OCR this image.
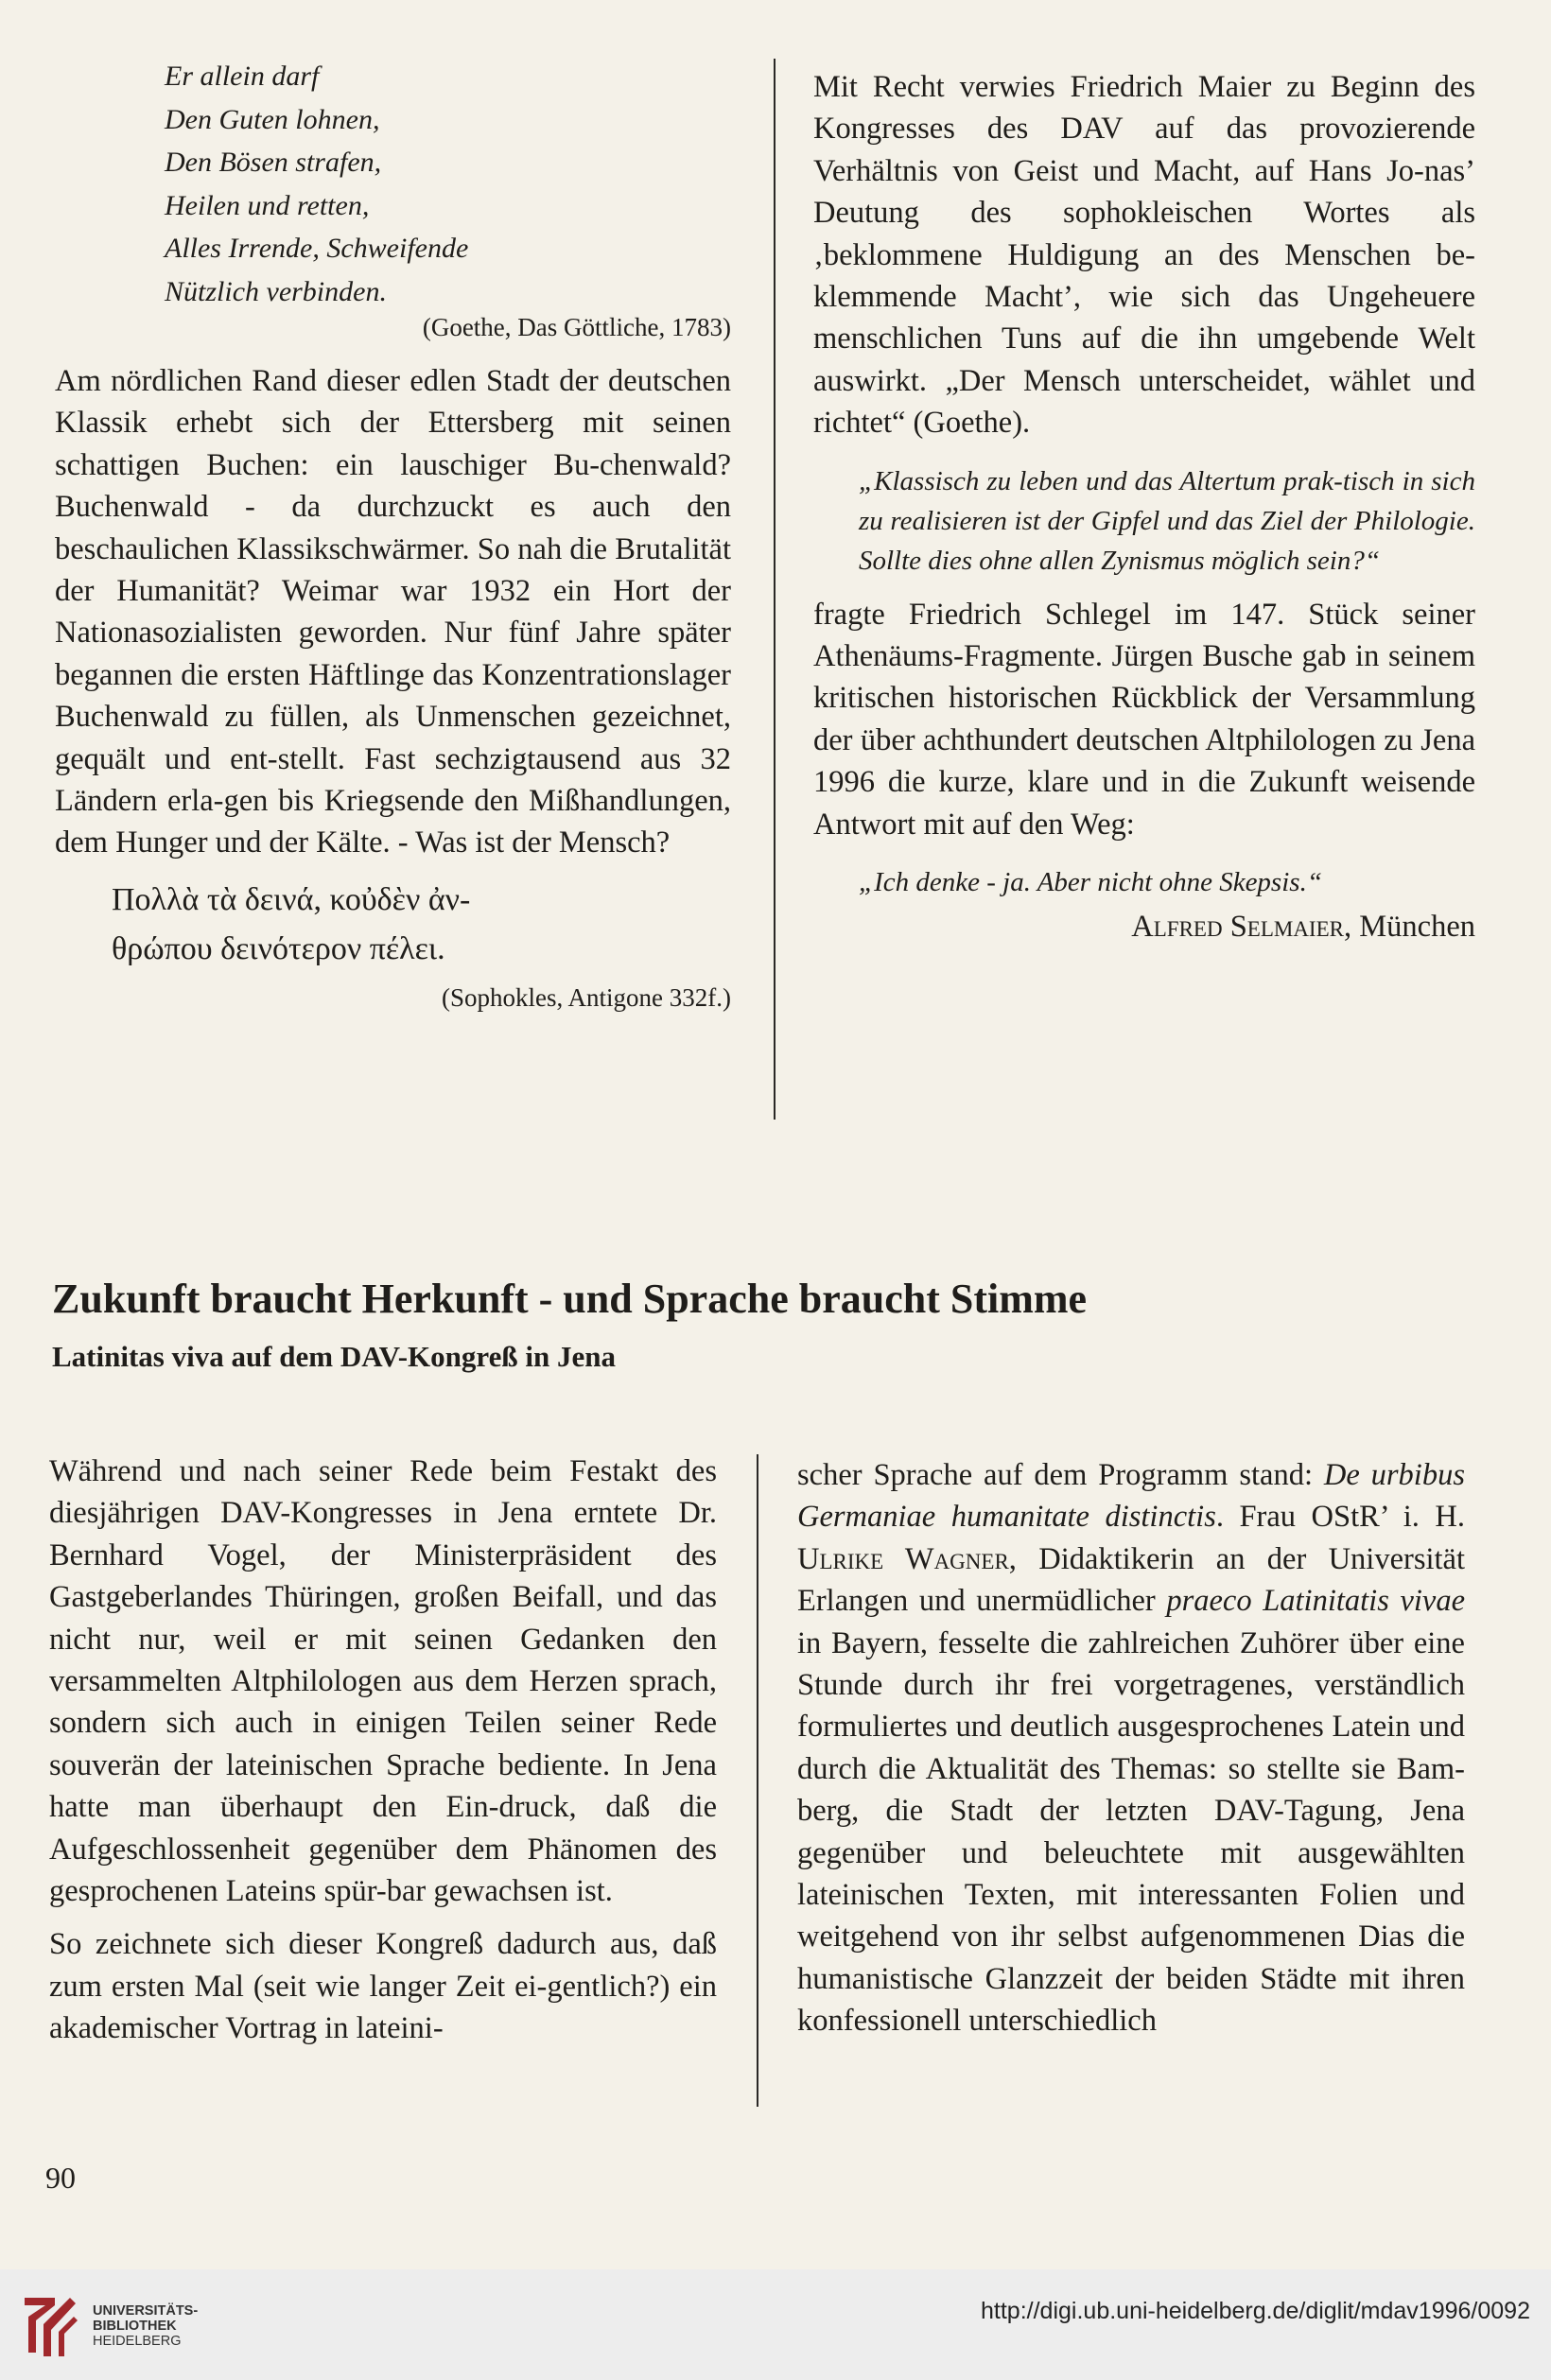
Er allein darf
Den Guten lohnen,
Den Bösen strafen,
Heilen und retten,
Alles Irrende, Schweifende
Nützlich verbinden.
(Goethe, Das Göttliche, 1783)

Am nördlichen Rand dieser edlen Stadt der deutschen Klassik erhebt sich der Ettersberg mit seinen schattigen Buchen: ein lauschiger Bu-chenwald? Buchenwald - da durchzuckt es auch den beschaulichen Klassikschwärmer. So nah die Brutalität der Humanität? Weimar war 1932 ein Hort der Nationasozialisten geworden. Nur fünf Jahre später begannen die ersten Häftlinge das Konzentrationslager Buchenwald zu füllen, als Unmenschen gezeichnet, gequält und ent-stellt. Fast sechzigtausend aus 32 Ländern erla-gen bis Kriegsende den Mißhandlungen, dem Hunger und der Kälte. - Was ist der Mensch?

Πολλὰ τὰ δεινά, κοὐδὲν ἀν-
θρώπου δεινότερον πέλει.
(Sophokles, Antigone 332f.)

Mit Recht verwies Friedrich Maier zu Beginn des Kongresses des DAV auf das provozierende Verhältnis von Geist und Macht, auf Hans Jo-nas’ Deutung des sophokleischen Wortes als ‚beklommene Huldigung an des Menschen be-klemmende Macht’, wie sich das Ungeheuere menschlichen Tuns auf die ihn umgebende Welt auswirkt. „Der Mensch unterscheidet, wählet und richtet“ (Goethe).

„Klassisch zu leben und das Altertum prak-tisch in sich zu realisieren ist der Gipfel und das Ziel der Philologie. Sollte dies ohne allen Zynismus möglich sein?“

fragte Friedrich Schlegel im 147. Stück seiner Athenäums-Fragmente. Jürgen Busche gab in seinem kritischen historischen Rückblick der Versammlung der über achthundert deutschen Altphilologen zu Jena 1996 die kurze, klare und in die Zukunft weisende Antwort mit auf den Weg:

„Ich denke - ja. Aber nicht ohne Skepsis.“

Alfred Selmaier, München

Zukunft braucht Herkunft - und Sprache braucht Stimme
Latinitas viva auf dem DAV-Kongreß in Jena

Während und nach seiner Rede beim Festakt des diesjährigen DAV-Kongresses in Jena erntete Dr. Bernhard Vogel, der Ministerpräsident des Gastgeberlandes Thüringen, großen Beifall, und das nicht nur, weil er mit seinen Gedanken den versammelten Altphilologen aus dem Herzen sprach, sondern sich auch in einigen Teilen seiner Rede souverän der lateinischen Sprache bediente. In Jena hatte man überhaupt den Ein-druck, daß die Aufgeschlossenheit gegenüber dem Phänomen des gesprochenen Lateins spür-bar gewachsen ist.

So zeichnete sich dieser Kongreß dadurch aus, daß zum ersten Mal (seit wie langer Zeit ei-gentlich?) ein akademischer Vortrag in lateini-

scher Sprache auf dem Programm stand: De urbibus Germaniae humanitate distinctis. Frau OStR’ i. H. Ulrike Wagner, Didaktikerin an der Universität Erlangen und unermüdlicher praeco Latinitatis vivae in Bayern, fesselte die zahlreichen Zuhörer über eine Stunde durch ihr frei vorgetragenes, verständlich formuliertes und deutlich ausgesprochenes Latein und durch die Aktualität des Themas: so stellte sie Bam-berg, die Stadt der letzten DAV-Tagung, Jena gegenüber und beleuchtete mit ausgewählten lateinischen Texten, mit interessanten Folien und weitgehend von ihr selbst aufgenommenen Dias die humanistische Glanzzeit der beiden Städte mit ihren konfessionell unterschiedlich

90
UNIVERSITÄTS-
BIBLIOTHEK
HEIDELBERG
http://digi.ub.uni-heidelberg.de/diglit/mdav1996/0092
